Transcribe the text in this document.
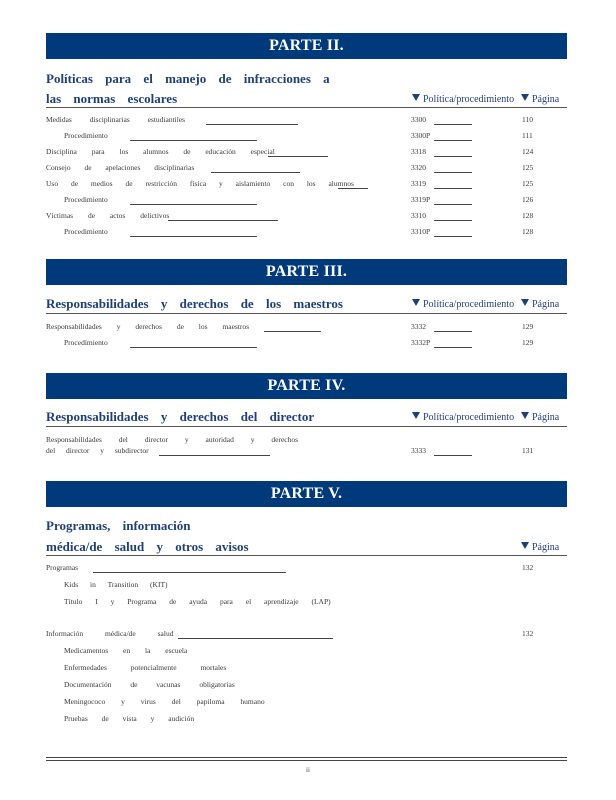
PARTE II.
Políticas para el manejo de infracciones a
las normas escolares	Política/procedimiento	Página
Medidas disciplinarias estudiantiles	3300	110
Procedimiento	3300P	111
Disciplina para los alumnos de educación especial	3318	124
Consejo de apelaciones disciplinarias	3320	125
Uso de medios de restricción física y aislamiento con los alumnos	3319	125
Procedimiento	3319P	126
Víctimas de actos delictivos	3310	128
Procedimiento	3310P	128
PARTE III.
Responsabilidades y derechos de los maestros	Política/procedimiento	Página
Responsabilidades y derechos de los maestros	3332	129
Procedimiento	3332P	129
PARTE IV.
Responsabilidades y derechos del director	Política/procedimiento	Página
Responsabilidades del director y autoridad y derechos
del director y subdirector	3333	131
PARTE V.
Programas, información
médica/de salud y otros avisos	Página
Programas	132
Kids in Transition (KIT)
Título I y Programa de ayuda para el aprendizaje (LAP)
Información médica/de salud	132
Medicamentos en la escuela
Enfermedades potencialmente mortales
Documentación de vacunas obligatorias
Meningococo y virus del papiloma humano
Pruebas de vista y audición
ii
